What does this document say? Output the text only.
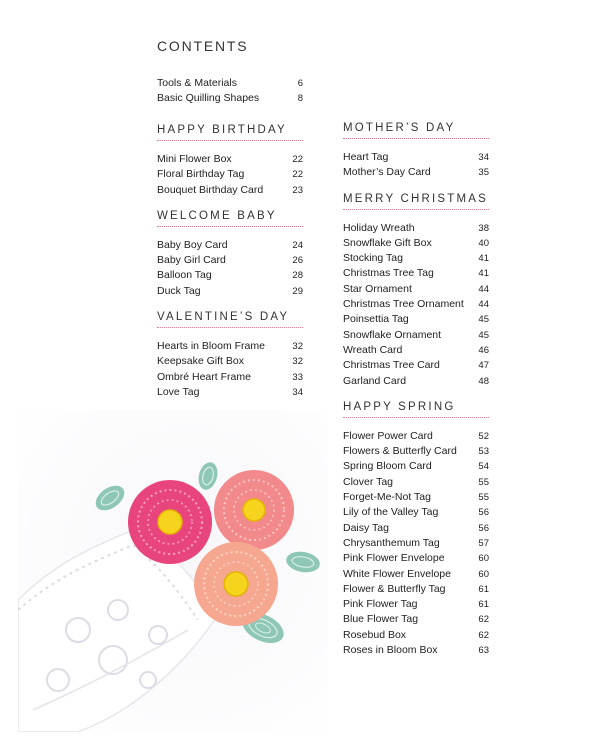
CONTENTS
Tools & Materials	6
Basic Quilling Shapes	8
HAPPY BIRTHDAY
Mini Flower Box	22
Floral Birthday Tag	22
Bouquet Birthday Card	23
WELCOME BABY
Baby Boy Card	24
Baby Girl Card	26
Balloon Tag	28
Duck Tag	29
VALENTINE’S DAY
Hearts in Bloom Frame	32
Keepsake Gift Box	32
Ombré Heart Frame	33
Love Tag	34
MOTHER’S DAY
Heart Tag	34
Mother’s Day Card	35
MERRY CHRISTMAS
Holiday Wreath	38
Snowflake Gift Box	40
Stocking Tag	41
Christmas Tree Tag	41
Star Ornament	44
Christmas Tree Ornament	44
Poinsettia Tag	45
Snowflake Ornament	45
Wreath Card	46
Christmas Tree Card	47
Garland Card	48
HAPPY SPRING
Flower Power Card	52
Flowers & Butterfly Card	53
Spring Bloom Card	54
Clover Tag	55
Forget-Me-Not Tag	55
Lily of the Valley Tag	56
Daisy Tag	56
Chrysanthemum Tag	57
Pink Flower Envelope	60
White Flower Envelope	60
Flower & Butterfly Tag	61
Pink Flower Tag	61
Blue Flower Tag	62
Rosebud Box	62
Roses in Bloom Box	63
